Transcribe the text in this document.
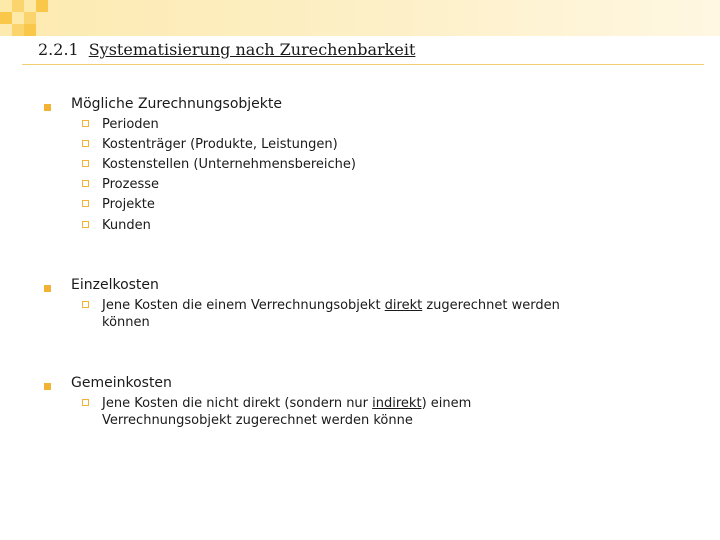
2.2.1 Systematisierung nach Zurechenbarkeit
Mögliche Zurechnungsobjekte
Perioden
Kostenträger (Produkte, Leistungen)
Kostenstellen (Unternehmensbereiche)
Prozesse
Projekte
Kunden
Einzelkosten
Jene Kosten die einem Verrechnungsobjekt direkt zugerechnet werden
können
Gemeinkosten
Jene Kosten die nicht direkt (sondern nur indirekt) einem
Verrechnungsobjekt zugerechnet werden könne
